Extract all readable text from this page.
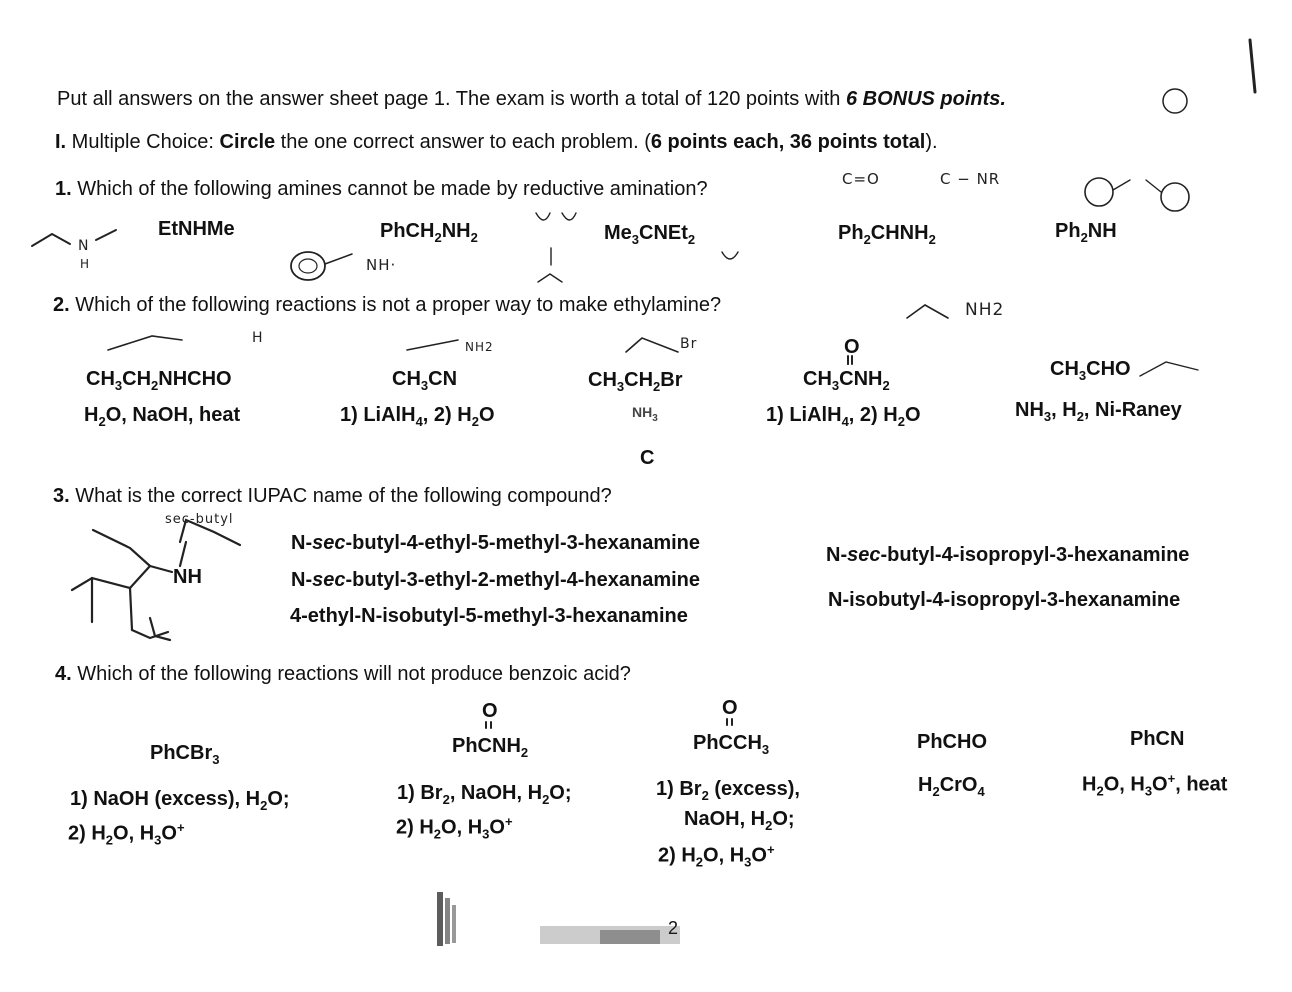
Put all answers on the answer sheet page 1. The exam is worth a total of 120 points with 6 BONUS points.
I. Multiple Choice: Circle the one correct answer to each problem. (6 points each, 36 points total).
1. Which of the following amines cannot be made by reductive amination?
EtNHMe	$PhCH_2NH_2$	$Me_3CNEt_2$	$Ph_2CHNH_2$	$Ph_2NH$
C=O	C − NR
NH·
2. Which of the following reactions is not a proper way to make ethylamine?	NH2
NH2	Br
H
$CH_3CH_2NHCHO$
$H_2O$, NaOH, heat
$CH_3CN$
1) LiAlH$_4$, 2) $H_2O$
$CH_3CH_2Br$
$NH_3$
O
$CH_3CNH_2$
1) LiAlH$_4$, 2) $H_2O$
$CH_3CHO$
$NH_3$, $H_2$, Ni-Raney
C
3. What is the correct IUPAC name of the following compound?
sec-butyl
NH
N-sec-butyl-4-ethyl-5-methyl-3-hexanamine
N-sec-butyl-3-ethyl-2-methyl-4-hexanamine
4-ethyl-N-isobutyl-5-methyl-3-hexanamine
N-sec-butyl-4-isopropyl-3-hexanamine
N-isobutyl-4-isopropyl-3-hexanamine
4. Which of the following reactions will not produce benzoic acid?
PhCBr$_3$
1) NaOH (excess), $H_2O$;
2) $H_2O$, $H_3O^+$
O
PhCNH$_2$
1) $Br_2$, NaOH, $H_2O$;
2) $H_2O$, $H_3O^+$
O
PhCCH$_3$
1) $Br_2$ (excess),
NaOH, $H_2O$;
2) $H_2O$, $H_3O^+$
PhCHO
$H_2CrO_4$
PhCN
$H_2O$, $H_3O^+$, heat
2
N
H
